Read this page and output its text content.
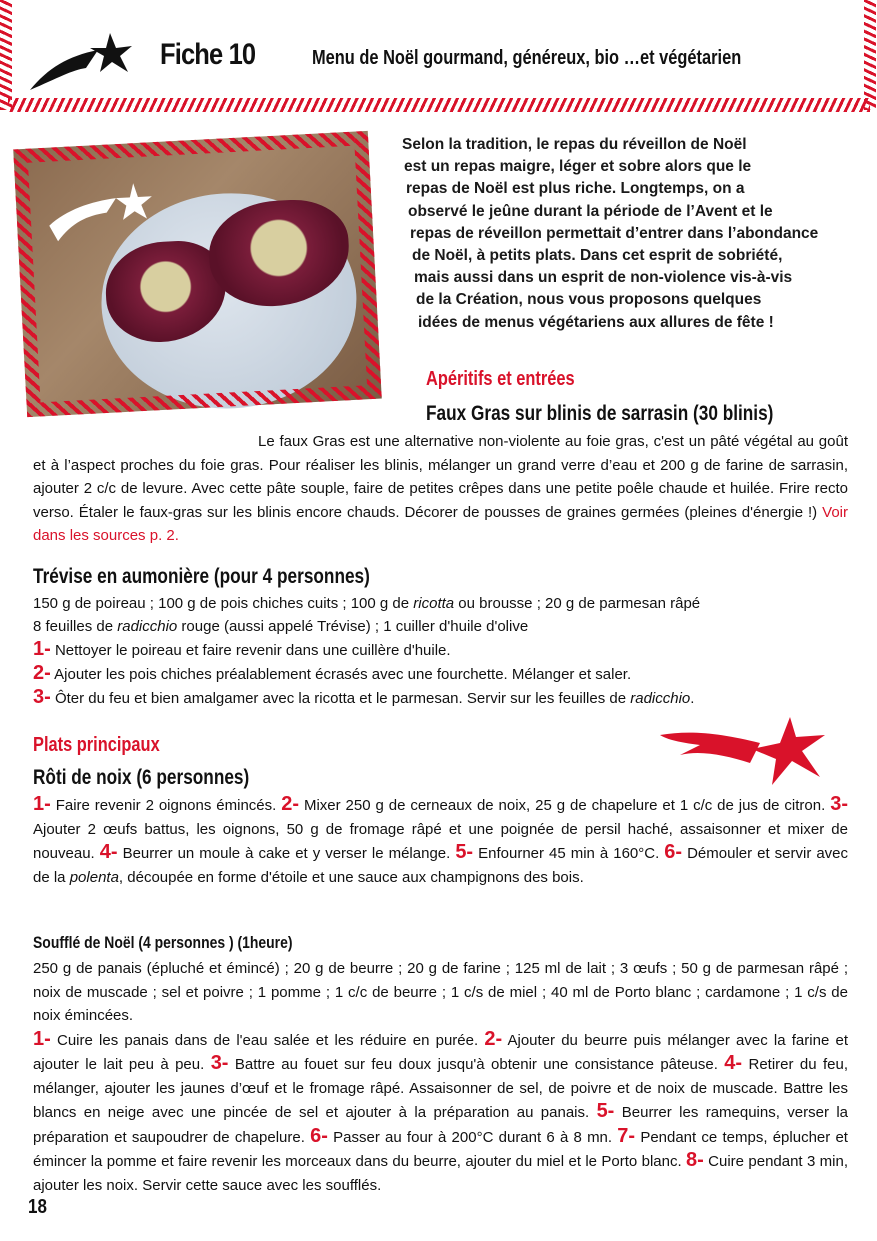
Fiche 10	Menu de Noël gourmand, généreux, bio …et végétarien
Selon la tradition, le repas du réveillon de Noël
est un repas maigre, léger et sobre alors que le
repas de Noël est plus riche. Longtemps, on a
observé le jeûne durant la période de l’Avent et le
repas de réveillon permettait d’entrer dans l’abondance
de Noël, à petits plats. Dans cet esprit de sobriété,
mais aussi dans un esprit de non-violence vis-à-vis
de la Création, nous vous proposons quelques
idées de menus végétariens aux allures de fête !
Apéritifs et entrées
Faux Gras sur blinis de sarrasin (30 blinis)

Le faux Gras est une alternative non-violente au foie gras, c'est un pâté végétal au goût et à l’aspect proches du foie gras. Pour réaliser les blinis, mélanger un grand verre d’eau et 200 g de farine de sarrasin, ajouter 2 c/c de levure. Avec cette pâte souple, faire de petites crêpes dans une petite poêle chaude et huilée. Frire recto verso. Étaler le faux-gras sur les blinis encore chauds. Décorer de pousses de graines germées (pleines d'énergie !) Voir dans les sources p. 2.

Trévise en aumonière (pour 4 personnes)

150 g de poireau ; 100 g de pois chiches cuits ; 100 g de ricotta ou brousse ; 20 g de parmesan râpé

8 feuilles de radicchio rouge (aussi appelé Trévise) ; 1 cuiller d'huile d'olive

1- Nettoyer le poireau et faire revenir dans une cuillère d'huile.

2- Ajouter les pois chiches préalablement écrasés avec une fourchette. Mélanger et saler.

3- Ôter du feu et bien amalgamer avec la ricotta et le parmesan. Servir sur les feuilles de radicchio.

Plats principaux
Rôti de noix (6 personnes)

1- Faire revenir 2 oignons émincés. 2- Mixer 250 g de cerneaux de noix, 25 g de chapelure et 1 c/c de jus de citron. 3- Ajouter 2 œufs battus, les oignons, 50 g de fromage râpé et une poignée de persil haché, assaisonner et mixer de nouveau. 4- Beurrer un moule à cake et y verser le mélange. 5- Enfourner 45 min à 160°C. 6- Démouler et servir avec de la polenta, découpée en forme d'étoile et une sauce aux champignons des bois.

Soufflé de Noël (4 personnes ) (1heure)

250 g de panais (épluché et émincé) ; 20 g de beurre ; 20 g de farine ; 125 ml de lait ; 3 œufs ; 50 g de parmesan râpé ; noix de muscade ; sel et poivre ; 1 pomme ; 1 c/c de beurre ; 1 c/s de miel ; 40 ml de Porto blanc ; cardamone ; 1 c/s de noix émincées.

1- Cuire les panais dans de l'eau salée et les réduire en purée. 2- Ajouter du beurre puis mélanger avec la farine et ajouter le lait peu à peu. 3- Battre au fouet sur feu doux jusqu'à obtenir une consistance pâteuse. 4- Retirer du feu, mélanger, ajouter les jaunes d’œuf et le fromage râpé. Assaisonner de sel, de poivre et de noix de muscade. Battre les blancs en neige avec une pincée de sel et ajouter à la préparation au panais. 5- Beurrer les ramequins, verser la préparation et saupoudrer de chapelure. 6- Passer au four à 200°C durant 6 à 8 mn. 7- Pendant ce temps, éplucher et émincer la pomme et faire revenir les morceaux dans du beurre, ajouter du miel et le Porto blanc. 8- Cuire pendant 3 min, ajouter les noix. Servir cette sauce avec les soufflés.

18
